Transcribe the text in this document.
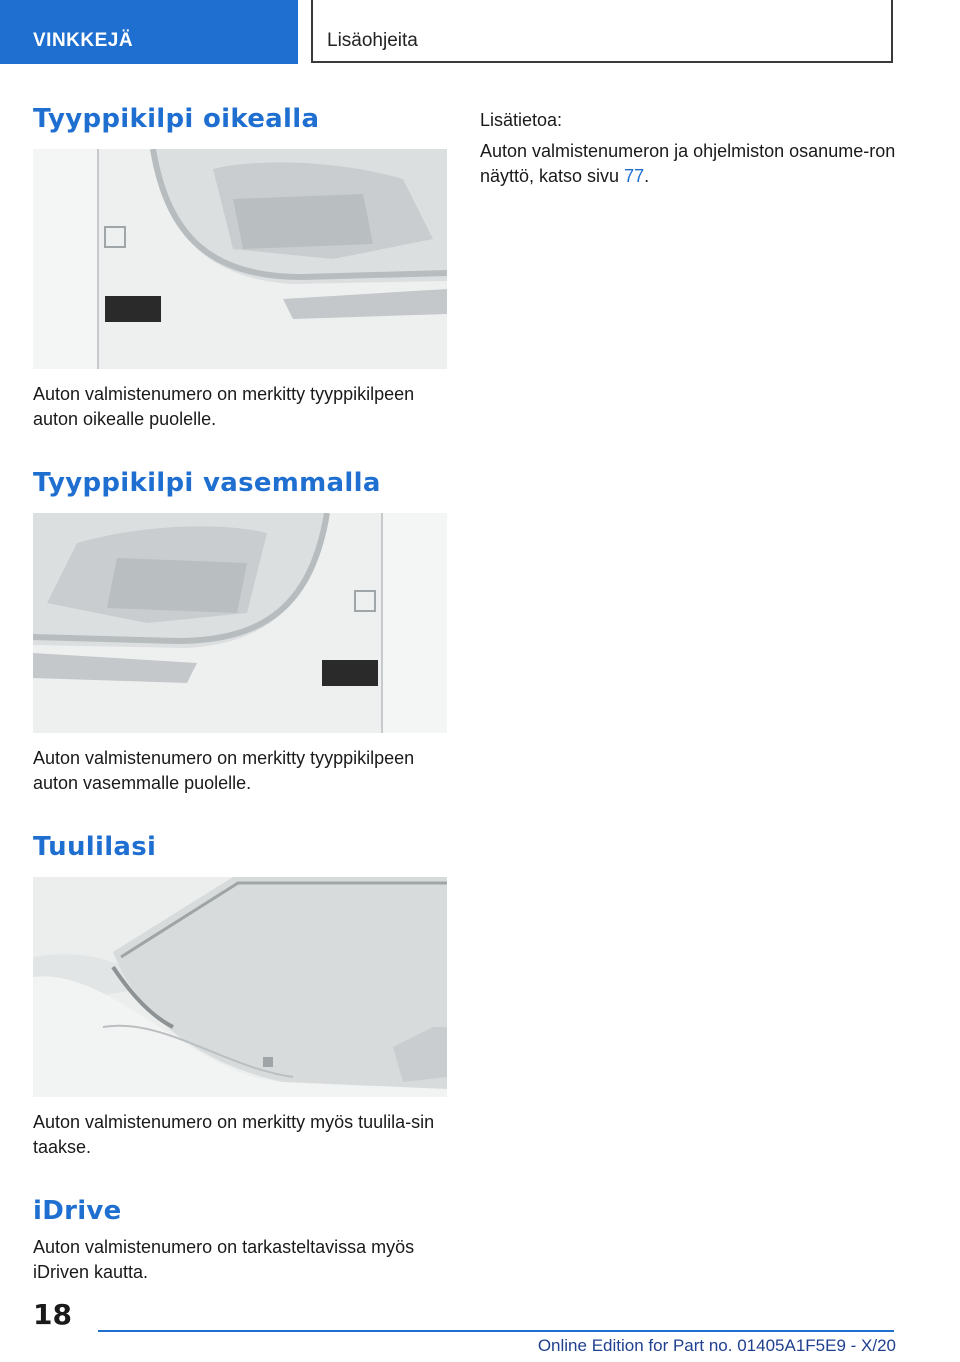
VINKKEJÄ	Lisäohjeita
Tyyppikilpi oikealla

Auton valmistenumero on merkitty tyyppikilpeen auton oikealle puolelle.

Tyyppikilpi vasemmalla

Auton valmistenumero on merkitty tyyppikilpeen auton vasemmalle puolelle.

Tuulilasi

Auton valmistenumero on merkitty myös tuulila-sin taakse.

iDrive

Auton valmistenumero on tarkasteltavissa myös iDriven kautta.

Lisätietoa:

Auton valmistenumeron ja ohjelmiston osanume-ron näyttö, katso sivu 77.

18
Online Edition for Part no. 01405A1F5E9 - X/20
